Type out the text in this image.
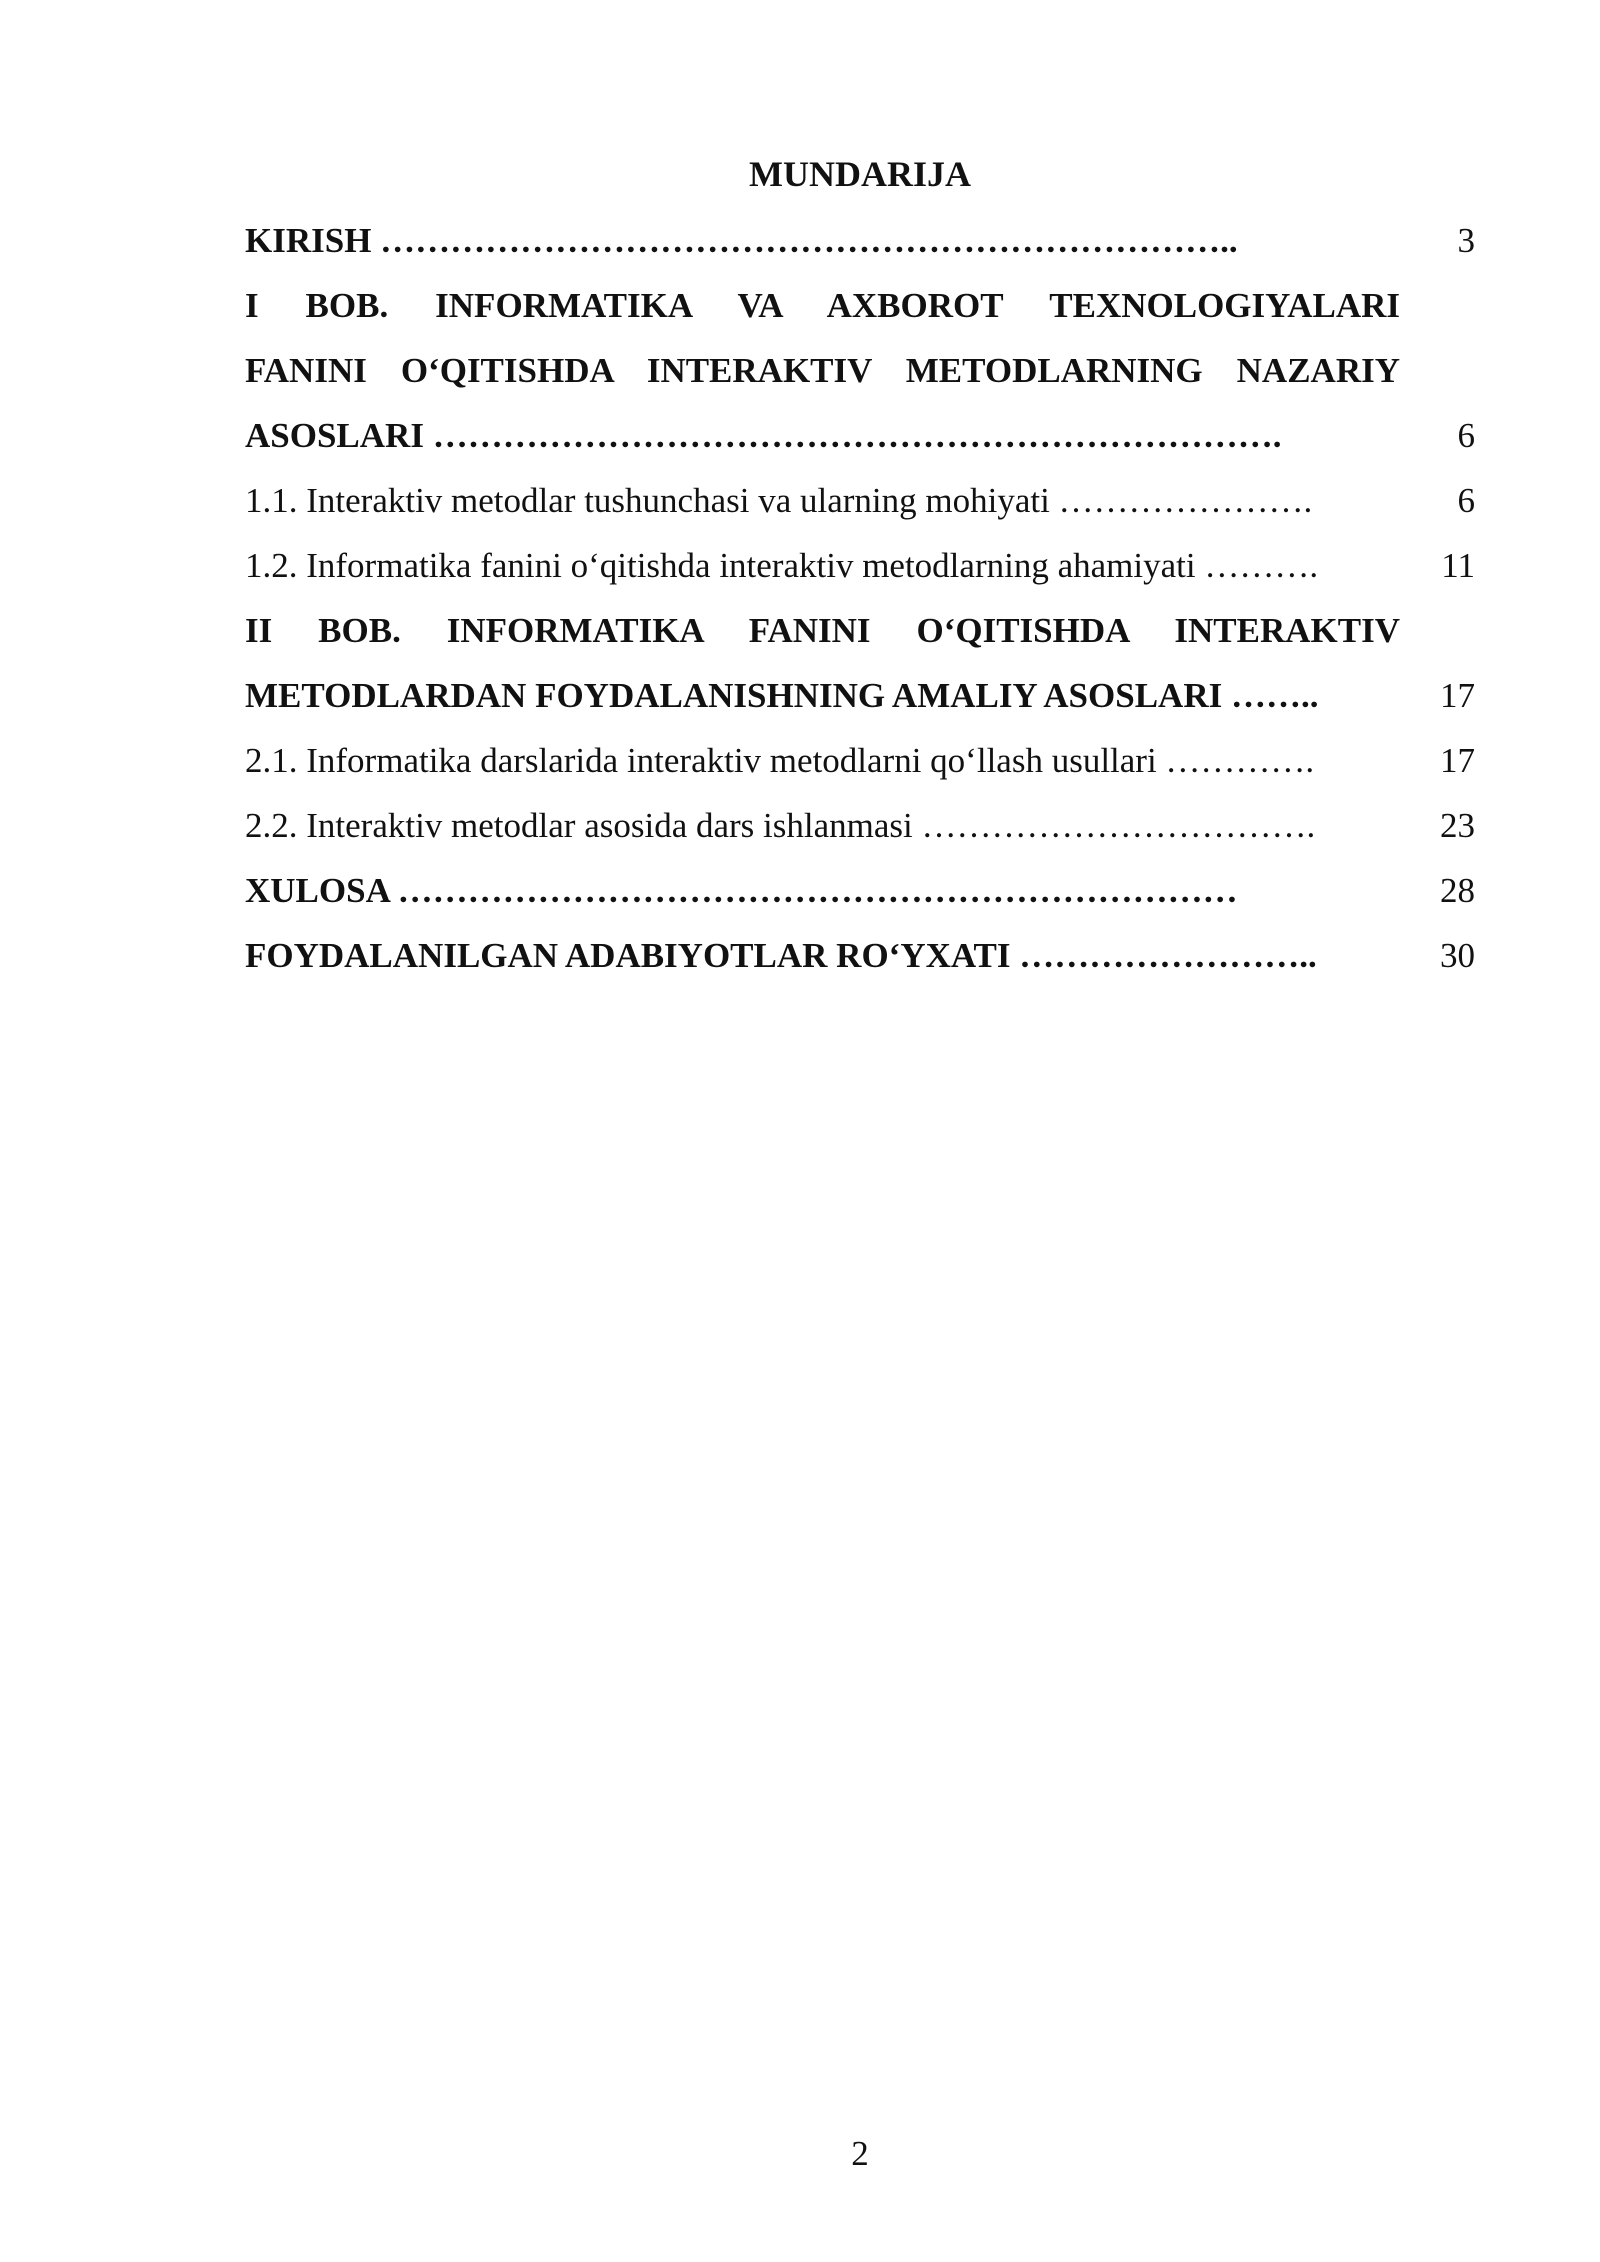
MUNDARIJA
KIRISH ………………………………………………………………..	3
I BOB. INFORMATIKA VA AXBOROT TEXNOLOGIYALARI
FANINI O‘QITISHDA INTERAKTIV METODLARNING NAZARIY
ASOSLARI ……………………………………………………………….	6
1.1. Interaktiv metodlar tushunchasi va ularning mohiyati ………………….	6
1.2. Informatika fanini o‘qitishda interaktiv metodlarning ahamiyati ……….	11
II BOB. INFORMATIKA FANINI O‘QITISHDA INTERAKTIV
METODLARDAN FOYDALANISHNING AMALIY ASOSLARI ……..	17
2.1. Informatika darslarida interaktiv metodlarni qo‘llash usullari ………….	17
2.2. Interaktiv metodlar asosida dars ishlanmasi …………………………….	23
XULOSA ………………………………………………………………	28
FOYDALANILGAN ADABIYOTLAR RO‘YXATI ……………………..	30
2
